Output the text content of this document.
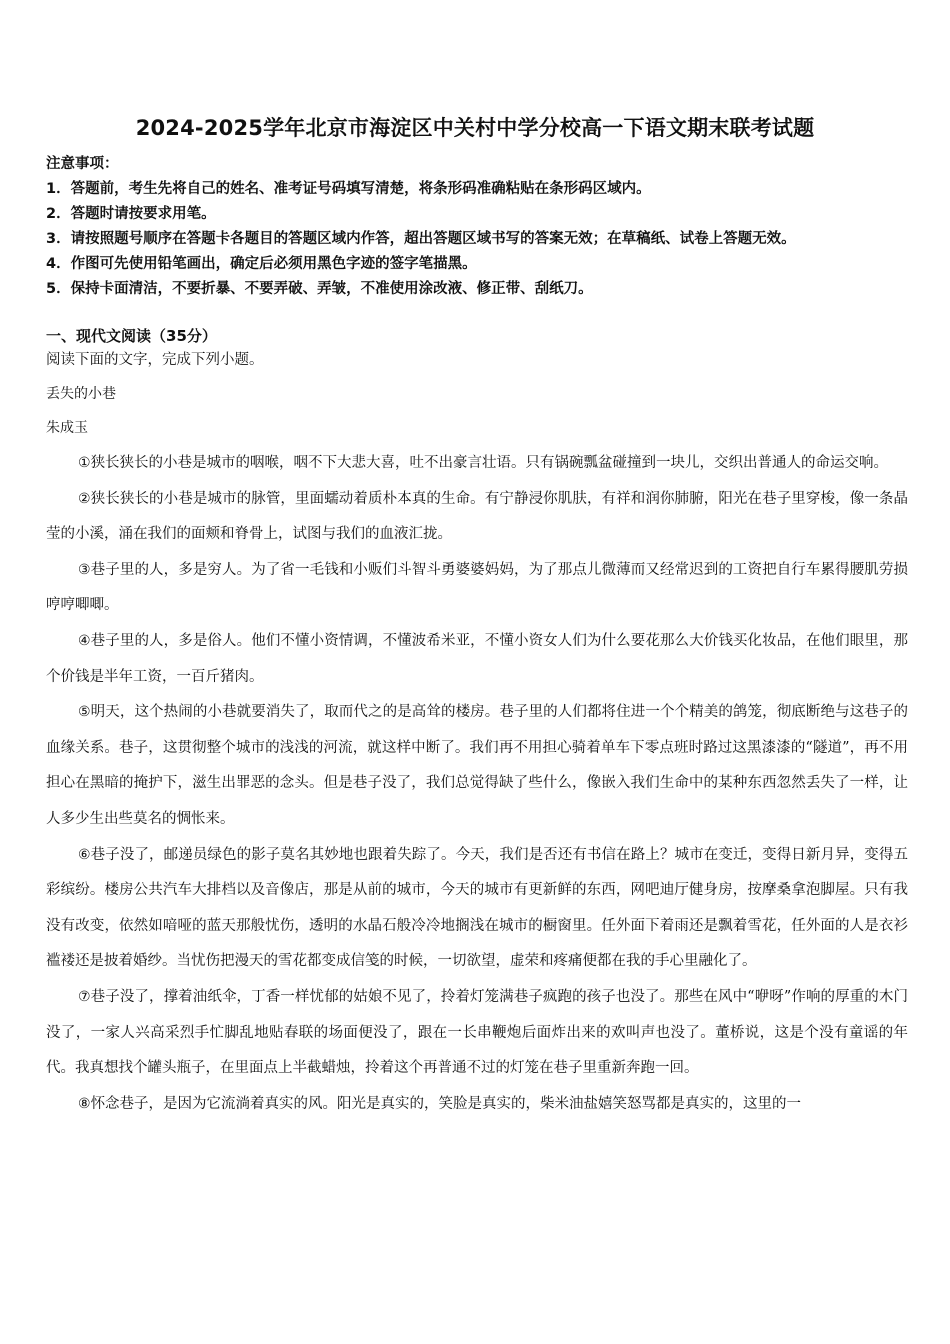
2024-2025学年北京市海淀区中关村中学分校高一下语文期末联考试题
注意事项：
1．答题前，考生先将自己的姓名、准考证号码填写清楚，将条形码准确粘贴在条形码区域内。
2．答题时请按要求用笔。
3．请按照题号顺序在答题卡各题目的答题区域内作答，超出答题区域书写的答案无效；在草稿纸、试卷上答题无效。
4．作图可先使用铅笔画出，确定后必须用黑色字迹的签字笔描黑。
5．保持卡面清洁，不要折暴、不要弄破、弄皱，不准使用涂改液、修正带、刮纸刀。
一、现代文阅读（35分）
阅读下面的文字，完成下列小题。
丢失的小巷
朱成玉

①狭长狭长的小巷是城市的咽喉，咽不下大悲大喜，吐不出豪言壮语。只有锅碗瓢盆碰撞到一块儿，交织出普通人的命运交响。

②狭长狭长的小巷是城市的脉管，里面蠕动着质朴本真的生命。有宁静浸你肌肤，有祥和润你肺腑，阳光在巷子里穿梭，像一条晶莹的小溪，涌在我们的面颊和脊骨上，试图与我们的血液汇拢。

③巷子里的人，多是穷人。为了省一毛钱和小贩们斗智斗勇婆婆妈妈，为了那点儿微薄而又经常迟到的工资把自行车累得腰肌劳损哼哼唧唧。

④巷子里的人，多是俗人。他们不懂小资情调，不懂波希米亚，不懂小资女人们为什么要花那么大价钱买化妆品，在他们眼里，那个价钱是半年工资，一百斤猪肉。

⑤明天，这个热闹的小巷就要消失了，取而代之的是高耸的楼房。巷子里的人们都将住进一个个精美的鸽笼，彻底断绝与这巷子的血缘关系。巷子，这贯彻整个城市的浅浅的河流，就这样中断了。我们再不用担心骑着单车下零点班时路过这黑漆漆的“隧道”，再不用担心在黑暗的掩护下，滋生出罪恶的念头。但是巷子没了，我们总觉得缺了些什么，像嵌入我们生命中的某种东西忽然丢失了一样，让人多少生出些莫名的惆怅来。

⑥巷子没了，邮递员绿色的影子莫名其妙地也跟着失踪了。今天，我们是否还有书信在路上？城市在变迁，变得日新月异，变得五彩缤纷。楼房公共汽车大排档以及音像店，那是从前的城市，今天的城市有更新鲜的东西，网吧迪厅健身房，按摩桑拿泡脚屋。只有我没有改变，依然如喑哑的蓝天那般忧伤，透明的水晶石般冷冷地搁浅在城市的橱窗里。任外面下着雨还是飘着雪花，任外面的人是衣衫褴褛还是披着婚纱。当忧伤把漫天的雪花都变成信笺的时候，一切欲望，虚荣和疼痛便都在我的手心里融化了。

⑦巷子没了，撑着油纸伞，丁香一样忧郁的姑娘不见了，拎着灯笼满巷子疯跑的孩子也没了。那些在风中“咿呀”作响的厚重的木门没了，一家人兴高采烈手忙脚乱地贴春联的场面便没了，跟在一长串鞭炮后面炸出来的欢叫声也没了。董桥说，这是个没有童谣的年代。我真想找个罐头瓶子，在里面点上半截蜡烛，拎着这个再普通不过的灯笼在巷子里重新奔跑一回。

⑧怀念巷子，是因为它流淌着真实的风。阳光是真实的，笑脸是真实的，柴米油盐嬉笑怒骂都是真实的，这里的一
